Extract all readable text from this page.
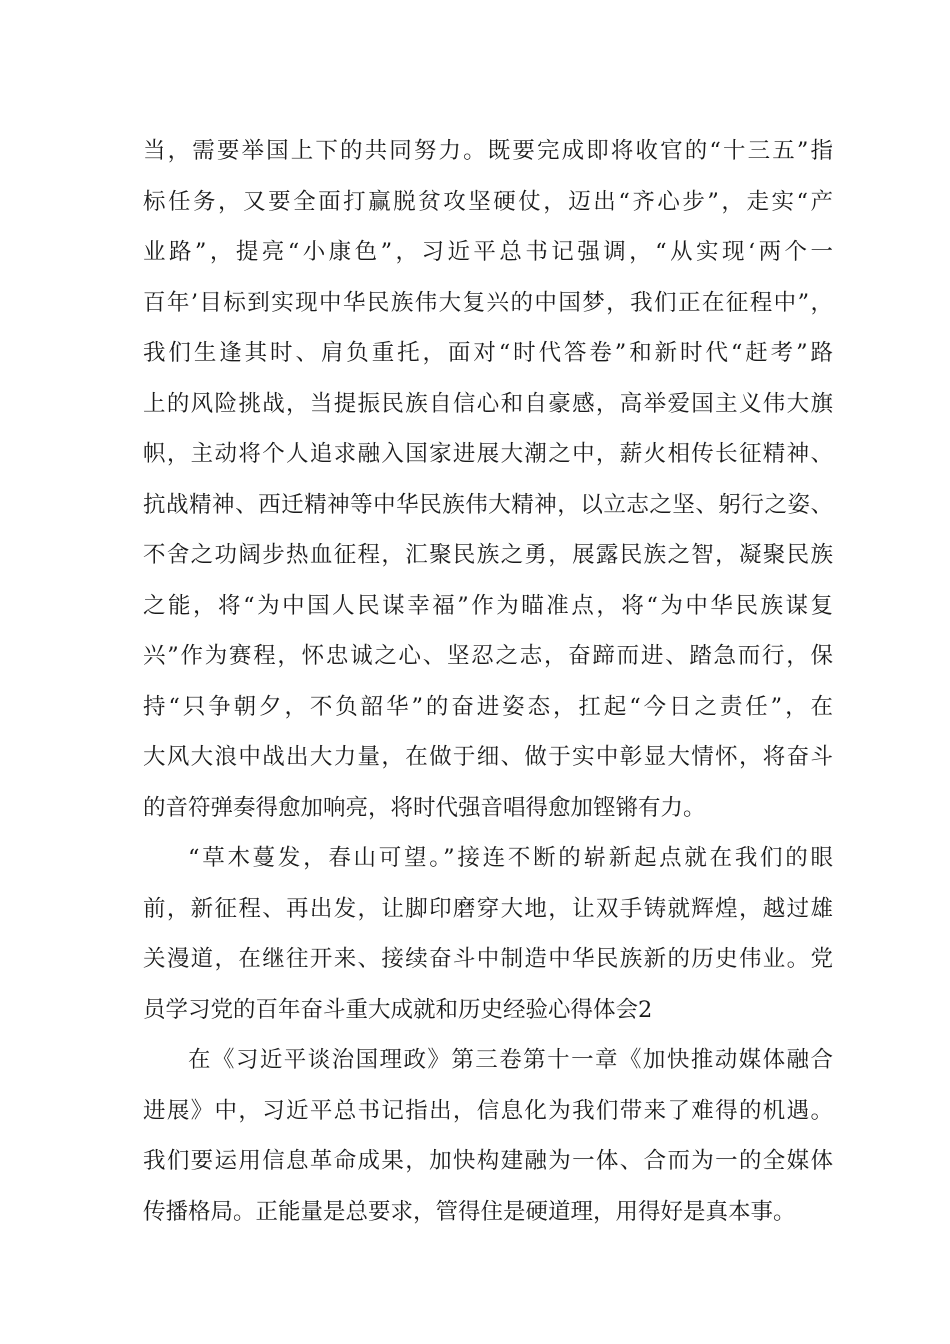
当，需要举国上下的共同努力。既要完成即将收官的“十三五”指
标任务，又要全面打赢脱贫攻坚硬仗，迈出“齐心步”，走实“产
业路”，提亮“小康色”，习近平总书记强调，“从实现‘两个一
百年’目标到实现中华民族伟大复兴的中国梦，我们正在征程中”，
我们生逢其时、肩负重托，面对“时代答卷”和新时代“赶考”路
上的风险挑战，当提振民族自信心和自豪感，高举爱国主义伟大旗
帜，主动将个人追求融入国家进展大潮之中，薪火相传长征精神、
抗战精神、西迁精神等中华民族伟大精神，以立志之坚、躬行之姿、
不舍之功阔步热血征程，汇聚民族之勇，展露民族之智，凝聚民族
之能，将“为中国人民谋幸福”作为瞄准点，将“为中华民族谋复
兴”作为赛程，怀忠诚之心、坚忍之志，奋蹄而进、踏急而行，保
持“只争朝夕，不负韶华”的奋进姿态，扛起“今日之责任”，在
大风大浪中战出大力量，在做于细、做于实中彰显大情怀，将奋斗
的音符弹奏得愈加响亮，将时代强音唱得愈加铿锵有力。
“草木蔓发，春山可望。”接连不断的崭新起点就在我们的眼
前，新征程、再出发，让脚印磨穿大地，让双手铸就辉煌，越过雄
关漫道，在继往开来、接续奋斗中制造中华民族新的历史伟业。党
员学习党的百年奋斗重大成就和历史经验心得体会2
在《习近平谈治国理政》第三卷第十一章《加快推动媒体融合
进展》中，习近平总书记指出，信息化为我们带来了难得的机遇。
我们要运用信息革命成果，加快构建融为一体、合而为一的全媒体
传播格局。正能量是总要求，管得住是硬道理，用得好是真本事。
